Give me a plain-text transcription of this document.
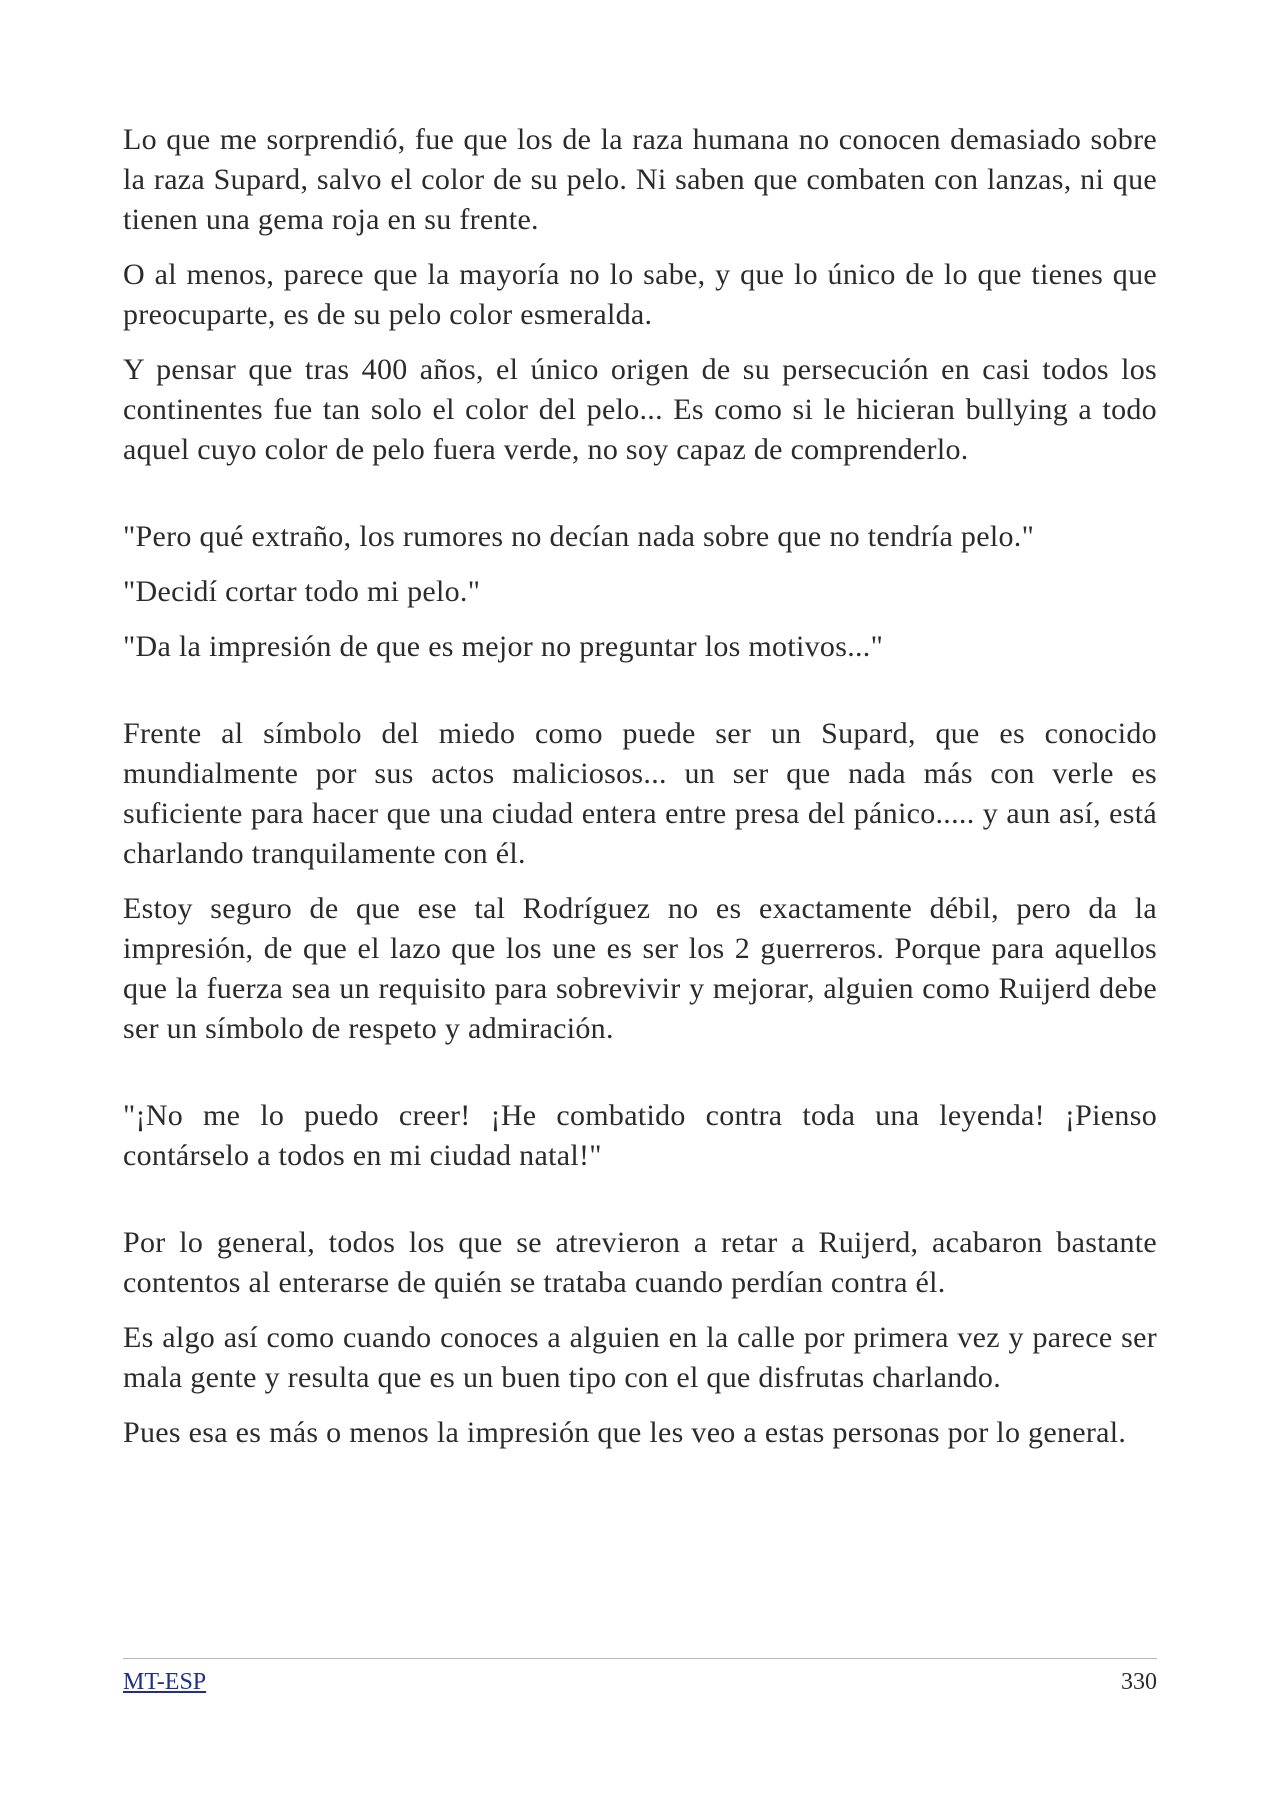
Lo que me sorprendió, fue que los de la raza humana no conocen demasiado sobre la raza Supard, salvo el color de su pelo. Ni saben que combaten con lanzas, ni que tienen una gema roja en su frente.

O al menos, parece que la mayoría no lo sabe, y que lo único de lo que tienes que preocuparte, es de su pelo color esmeralda.

Y pensar que tras 400 años, el único origen de su persecución en casi todos los continentes fue tan solo el color del pelo... Es como si le hicieran bullying a todo aquel cuyo color de pelo fuera verde, no soy capaz de comprenderlo.

"Pero qué extraño, los rumores no decían nada sobre que no tendría pelo."

"Decidí cortar todo mi pelo."

"Da la impresión de que es mejor no preguntar los motivos..."

Frente al símbolo del miedo como puede ser un Supard, que es conocido mundialmente por sus actos maliciosos... un ser que nada más con verle es suficiente para hacer que una ciudad entera entre presa del pánico..... y aun así, está charlando tranquilamente con él.

Estoy seguro de que ese tal Rodríguez no es exactamente débil, pero da la impresión, de que el lazo que los une es ser los 2 guerreros. Porque para aquellos que la fuerza sea un requisito para sobrevivir y mejorar, alguien como Ruijerd debe ser un símbolo de respeto y admiración.

"¡No me lo puedo creer! ¡He combatido contra toda una leyenda! ¡Pienso contárselo a todos en mi ciudad natal!"

Por lo general, todos los que se atrevieron a retar a Ruijerd, acabaron bastante contentos al enterarse de quién se trataba cuando perdían contra él.

Es algo así como cuando conoces a alguien en la calle por primera vez y parece ser mala gente y resulta que es un buen tipo con el que disfrutas charlando.

Pues esa es más o menos la impresión que les veo a estas personas por lo general.

MT-ESP	330
